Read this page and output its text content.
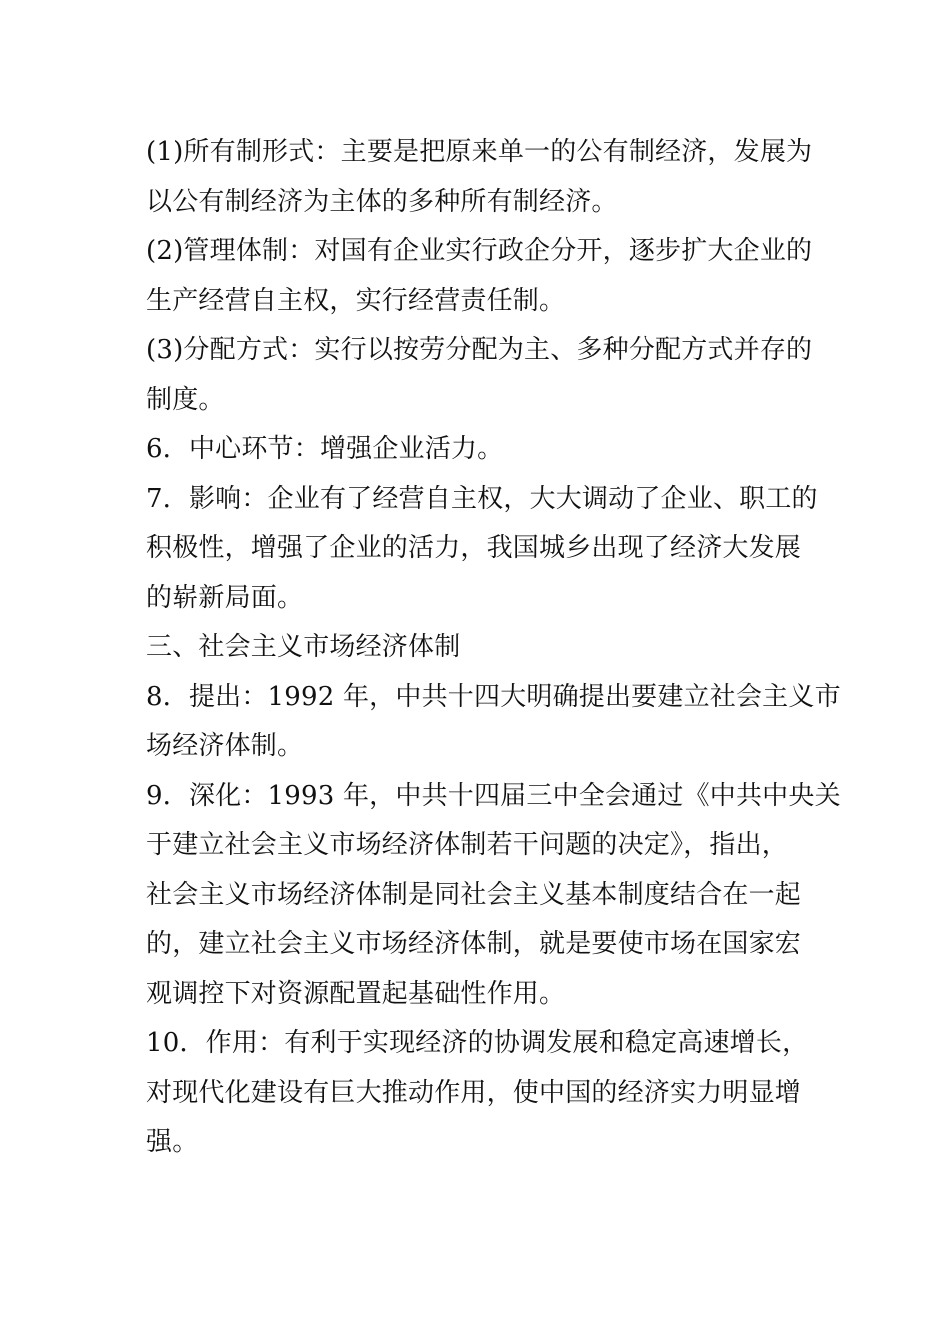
(1)所有制形式：主要是把原来单一的公有制经济，发展为
以公有制经济为主体的多种所有制经济。

(2)管理体制：对国有企业实行政企分开，逐步扩大企业的
生产经营自主权，实行经营责任制。

(3)分配方式：实行以按劳分配为主、多种分配方式并存的
制度。

6．中心环节：增强企业活力。

7．影响：企业有了经营自主权，大大调动了企业、职工的
积极性，增强了企业的活力，我国城乡出现了经济大发展
的崭新局面。

三、社会主义市场经济体制

8．提出：1992 年，中共十四大明确提出要建立社会主义市
场经济体制。

9．深化：1993 年，中共十四届三中全会通过《中共中央关
于建立社会主义市场经济体制若干问题的决定》，指出，
社会主义市场经济体制是同社会主义基本制度结合在一起
的，建立社会主义市场经济体制，就是要使市场在国家宏
观调控下对资源配置起基础性作用。

10．作用：有利于实现经济的协调发展和稳定高速增长，
对现代化建设有巨大推动作用，使中国的经济实力明显增
强。
